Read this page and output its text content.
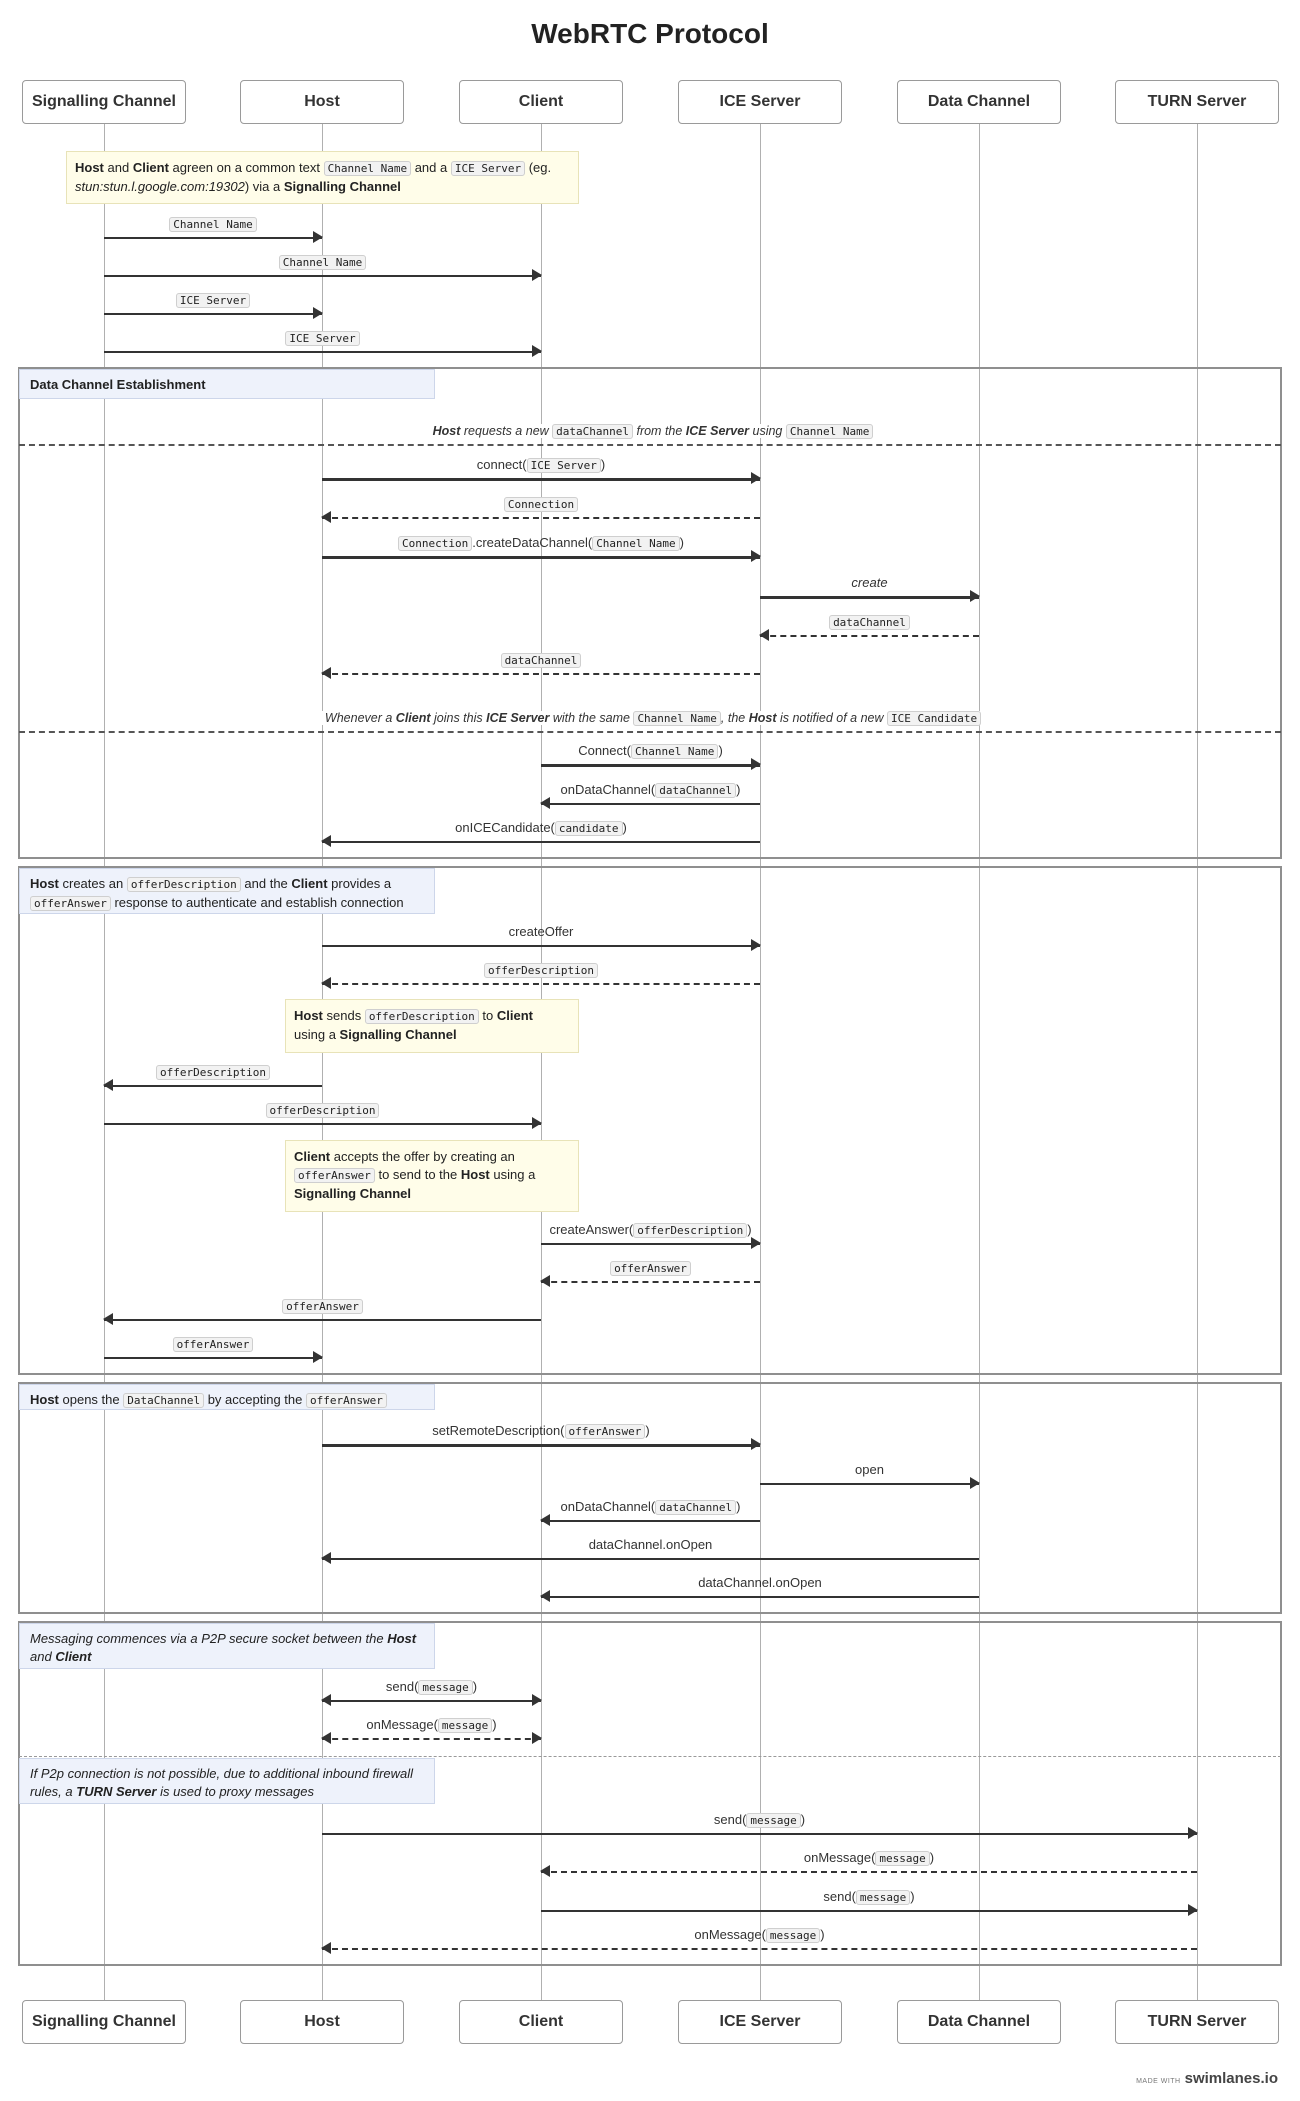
WebRTC Protocol
Signalling Channel	Host	Client	ICE Server	Data Channel	TURN Server
Signalling Channel	Host	Client	ICE Server	Data Channel	TURN Server
Host and Client agreen on a common text Channel Name and a ICE Server (eg. stun:stun.l.google.com:19302) via a Signalling Channel
Channel Name
Channel Name
ICE Server
ICE Server
Data Channel Establishment
Host requests a new dataChannel from the ICE Server using Channel Name
connect( ICE Server )
Connection
Connection .createDataChannel( Channel Name )
create
dataChannel
dataChannel
Whenever a Client joins this ICE Server with the same Channel Name , the Host is notified of a new ICE Candidate
Connect( Channel Name )
onDataChannel( dataChannel )
onICECandidate( candidate )
Host creates an offerDescription and the Client provides a offerAnswer response to authenticate and establish connection
createOffer
offerDescription
Host sends offerDescription to Client
using a Signalling Channel
offerDescription
offerDescription
Client accepts the offer by creating an
offerAnswer to send to the Host using a
Signalling Channel
createAnswer( offerDescription )
offerAnswer
offerAnswer
offerAnswer
Host opens the DataChannel by accepting the offerAnswer
setRemoteDescription( offerAnswer )
open
onDataChannel( dataChannel )
dataChannel.onOpen
dataChannel.onOpen
Messaging commences via a P2P secure socket between the Host
and Client
send( message )
onMessage( message )
If P2p connection is not possible, due to additional inbound firewall
rules, a TURN Server is used to proxy messages
send( message )
onMessage( message )
send( message )
onMessage( message )
MADE WITH swimlanes.io
